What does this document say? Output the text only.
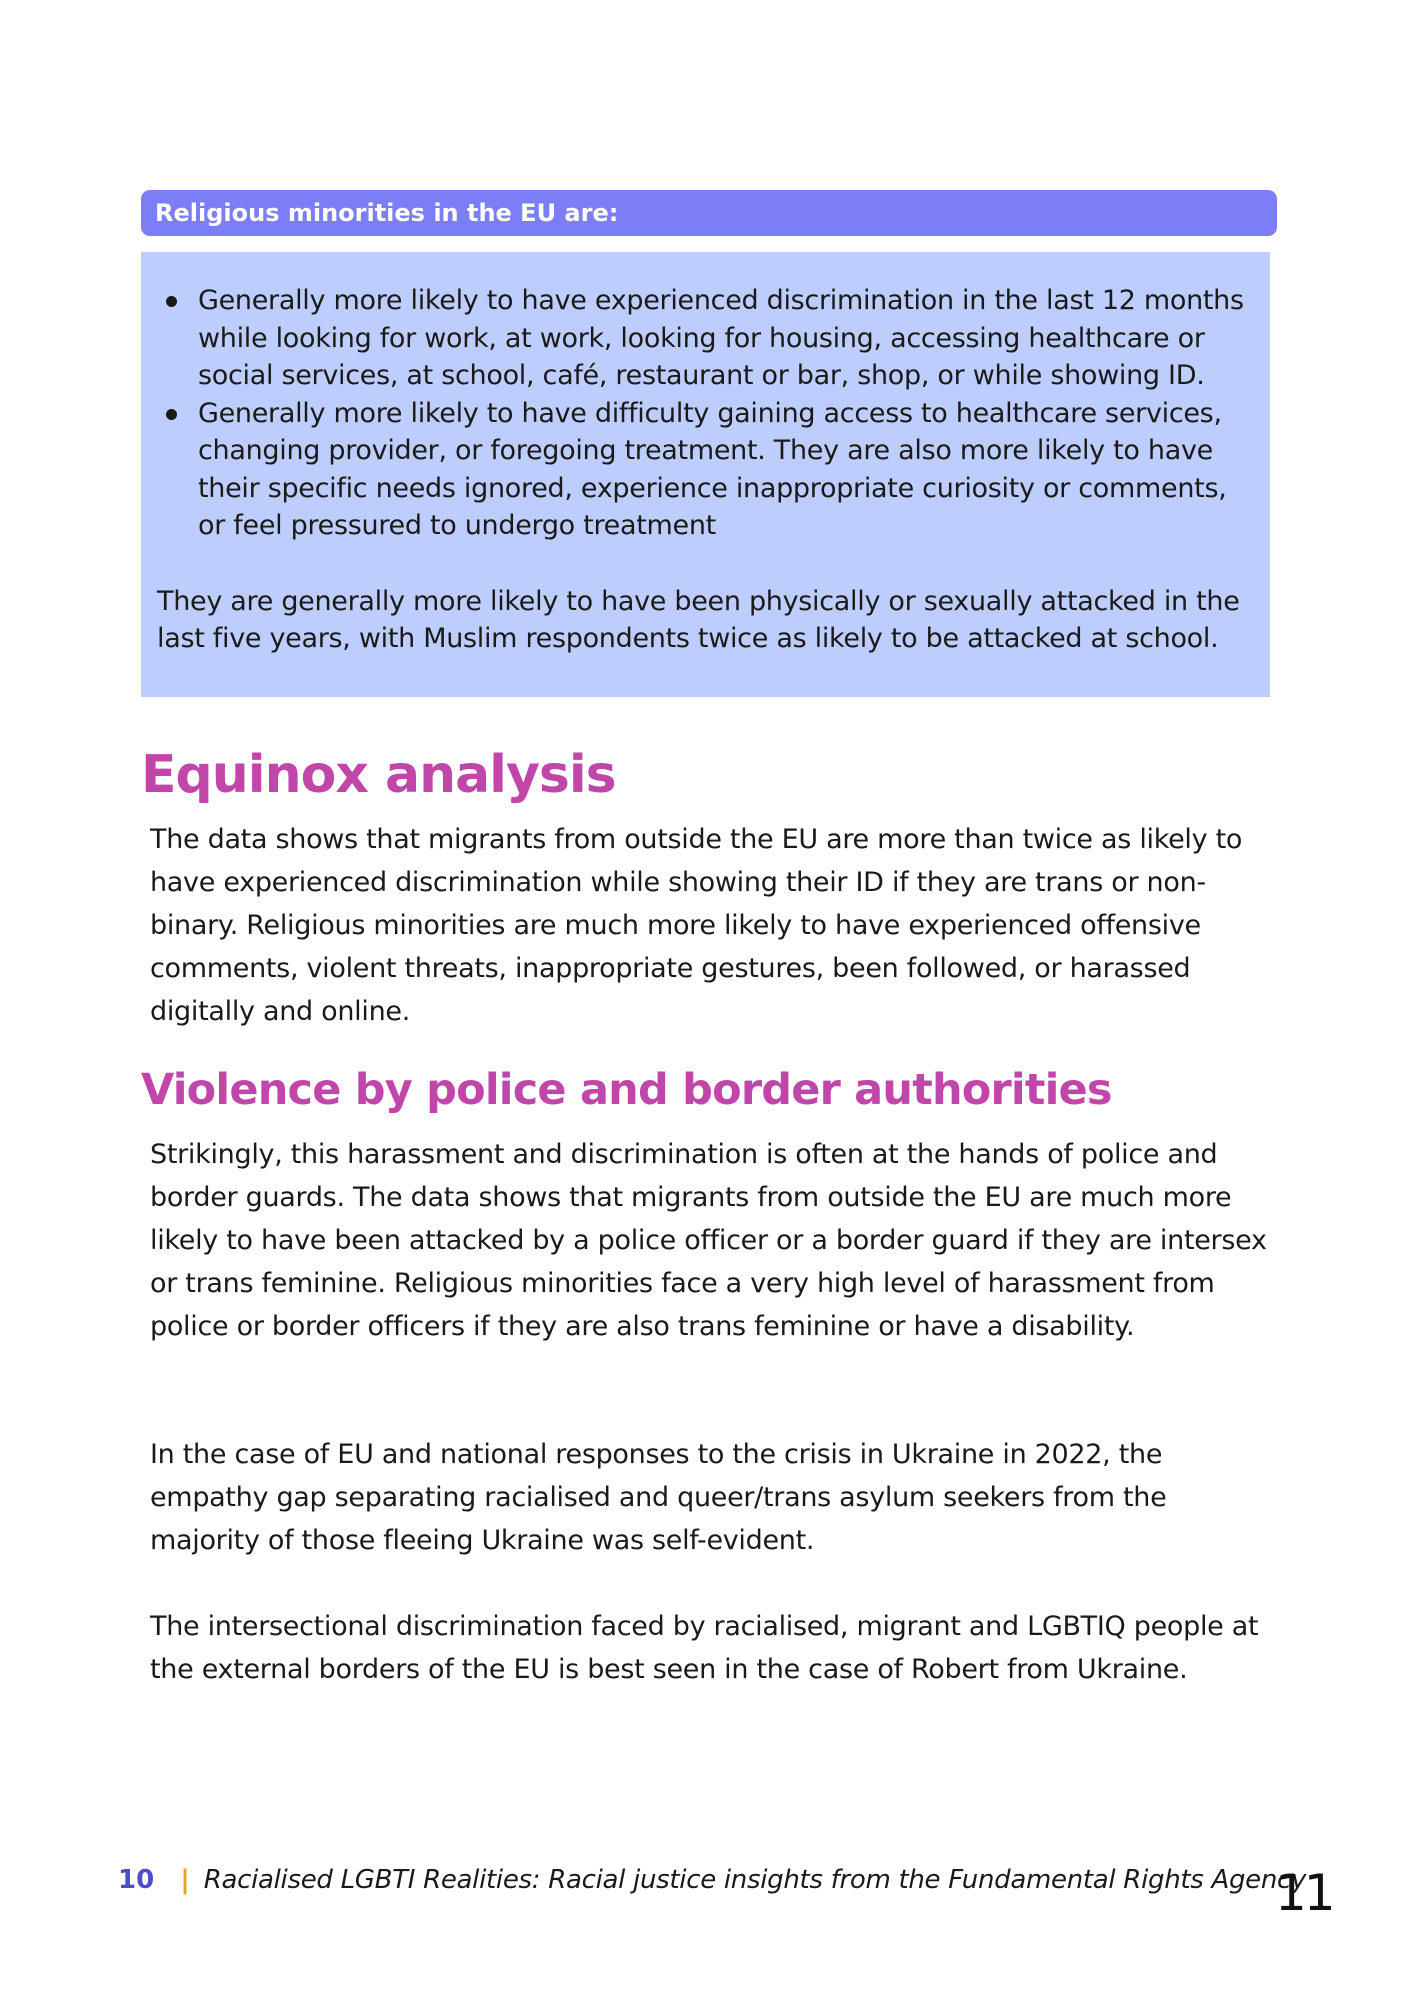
Religious minorities in the EU are:
Generally more likely to have experienced discrimination in the last 12 months while looking for work, at work, looking for housing, accessing healthcare or social services, at school, café, restaurant or bar, shop, or while showing ID.
Generally more likely to have difficulty gaining access to healthcare services, changing provider, or foregoing treatment. They are also more likely to have their specific needs ignored, experience inappropriate curiosity or comments, or feel pressured to undergo treatment

They are generally more likely to have been physically or sexually attacked in the last five years, with Muslim respondents twice as likely to be attacked at school.

Equinox analysis

The data shows that migrants from outside the EU are more than twice as likely to have experienced discrimination while showing their ID if they are trans or non-binary. Religious minorities are much more likely to have experienced offensive comments, violent threats, inappropriate gestures, been followed, or harassed digitally and online.

Violence by police and border authorities

Strikingly, this harassment and discrimination is often at the hands of police and border guards. The data shows that migrants from outside the EU are much more likely to have been attacked by a police officer or a border guard if they are intersex or trans feminine. Religious minorities face a very high level of harassment from police or border officers if they are also trans feminine or have a disability.

In the case of EU and national responses to the crisis in Ukraine in 2022, the empathy gap separating racialised and queer/trans asylum seekers from the majority of those fleeing Ukraine was self-evident.

The intersectional discrimination faced by racialised, migrant and LGBTIQ people at the external borders of the EU is best seen in the case of Robert from Ukraine.

10 | Racialised LGBTI Realities: Racial justice insights from the Fundamental Rights Agency
11
